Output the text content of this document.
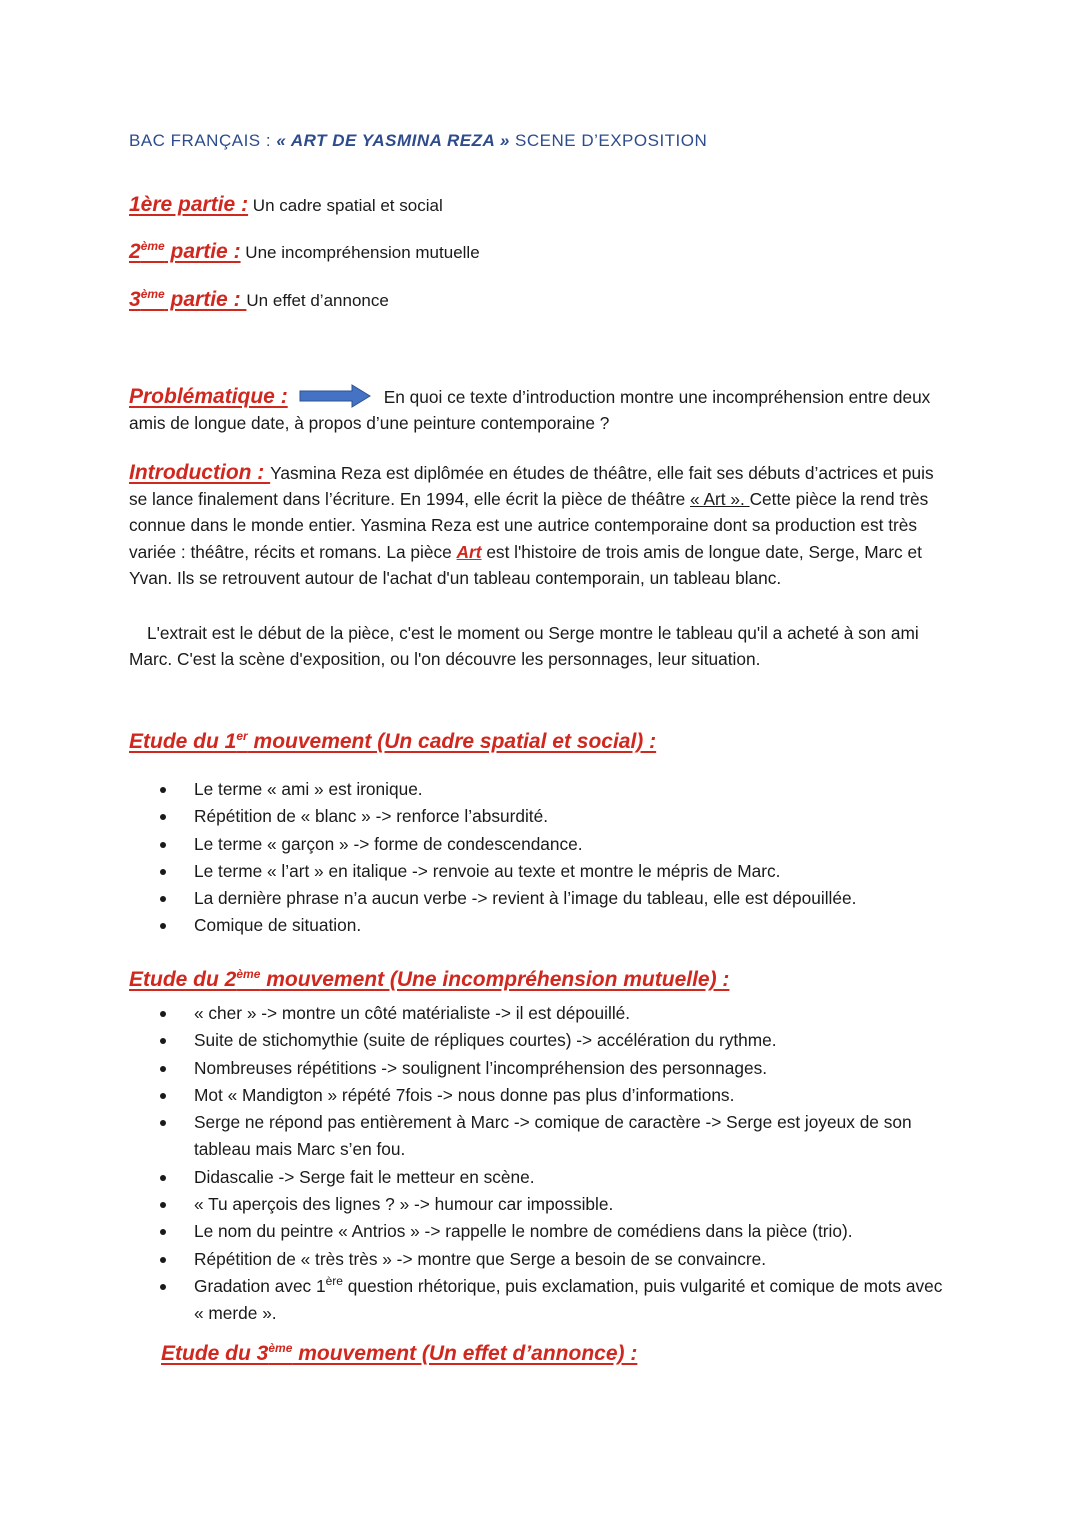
BAC FRANÇAIS : « ART DE YASMINA REZA » SCENE D’EXPOSITION
1ère partie : Un cadre spatial et social
2ème partie : Une incompréhension mutuelle
3ème partie : Un effet d’annonce
Problématique :	En quoi ce texte d’introduction montre une incompréhension entre deux amis de longue date, à propos d’une peinture contemporaine ?
Introduction : Yasmina Reza est diplômée en études de théâtre, elle fait ses débuts d’actrices et puis se lance finalement dans l’écriture. En 1994, elle écrit la pièce de théâtre « Art ». Cette pièce la rend très connue dans le monde entier. Yasmina Reza est une autrice contemporaine dont sa production est très variée : théâtre, récits et romans. La pièce Art est l'histoire de trois amis de longue date, Serge, Marc et Yvan. Ils se retrouvent autour de l'achat d'un tableau contemporain, un tableau blanc.
L'extrait est le début de la pièce, c'est le moment ou Serge montre le tableau qu'il a acheté à son ami Marc. C'est la scène d'exposition, ou l'on découvre les personnages, leur situation.
Etude du 1er mouvement (Un cadre spatial et social) :
Le terme « ami » est ironique.
Répétition de « blanc » -> renforce l’absurdité.
Le terme « garçon » -> forme de condescendance.
Le terme « l’art » en italique -> renvoie au texte et montre le mépris de Marc.
La dernière phrase n’a aucun verbe -> revient à l’image du tableau, elle est dépouillée.
Comique de situation.
Etude du 2ème mouvement (Une incompréhension mutuelle) :
« cher » -> montre un côté matérialiste -> il est dépouillé.
Suite de stichomythie (suite de répliques courtes) -> accélération du rythme.
Nombreuses répétitions -> soulignent l’incompréhension des personnages.
Mot « Mandigton » répété 7fois -> nous donne pas plus d’informations.
Serge ne répond pas entièrement à Marc -> comique de caractère -> Serge est joyeux de son tableau mais Marc s’en fou.
Didascalie -> Serge fait le metteur en scène.
« Tu aperçois des lignes ? » -> humour car impossible.
Le nom du peintre « Antrios » -> rappelle le nombre de comédiens dans la pièce (trio).
Répétition de « très très » -> montre que Serge a besoin de se convaincre.
Gradation avec 1ère question rhétorique, puis exclamation, puis vulgarité et comique de mots avec « merde ».
Etude du 3ème mouvement (Un effet d’annonce) :
